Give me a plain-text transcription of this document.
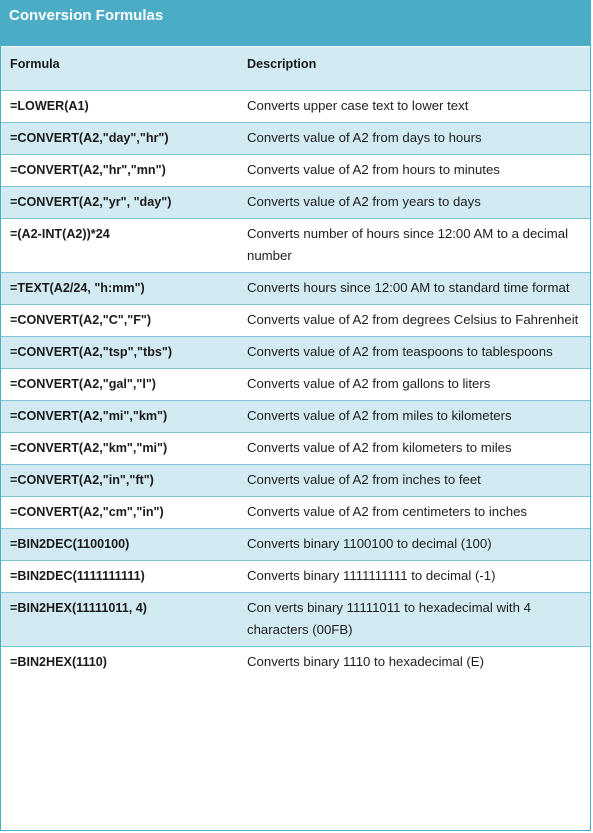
Conversion Formulas
Formula	Description
=LOWER(A1)	Converts upper case text to lower text
=CONVERT(A2,"day","hr")	Converts value of A2 from days to hours
=CONVERT(A2,"hr","mn")	Converts value of A2 from hours to minutes
=CONVERT(A2,"yr", "day")	Converts value of A2 from years to days
=(A2-INT(A2))*24	Converts number of hours since 12:00 AM to a decimal number
=TEXT(A2/24, "h:mm")	Converts hours since 12:00 AM to standard time format
=CONVERT(A2,"C","F")	Converts value of A2 from degrees Celsius to Fahrenheit
=CONVERT(A2,"tsp","tbs")	Converts value of A2 from teaspoons to tablespoons
=CONVERT(A2,"gal","l")	Converts value of A2 from gallons to liters
=CONVERT(A2,"mi","km")	Converts value of A2 from miles to kilometers
=CONVERT(A2,"km","mi")	Converts value of A2 from kilometers to miles
=CONVERT(A2,"in","ft")	Converts value of A2 from inches to feet
=CONVERT(A2,"cm","in")	Converts value of A2 from centimeters to inches
=BIN2DEC(1100100)	Converts binary 1100100 to decimal (100)
=BIN2DEC(1111111111)	Converts binary 1111111111 to decimal (-1)
=BIN2HEX(11111011, 4)	Con verts binary 11111011 to hexadecimal with 4 characters (00FB)
=BIN2HEX(1110)	Converts binary 1110 to hexadecimal (E)
